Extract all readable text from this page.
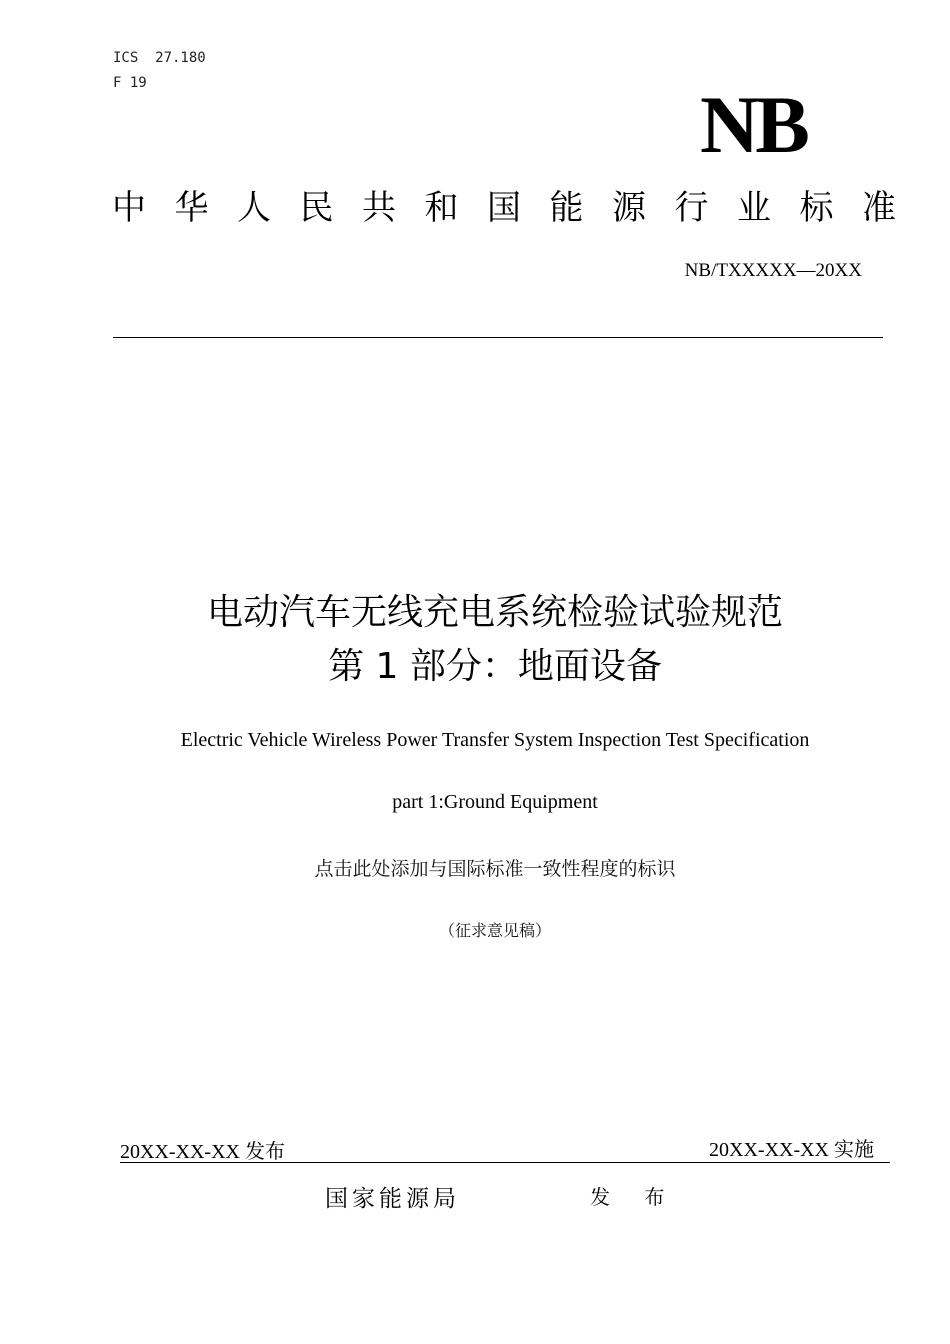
ICS  27.180
F 19	NB
中华人民共和国能源行业标准
NB/TXXXXX—20XX
电动汽车无线充电系统检验试验规范
第 1 部分：地面设备
Electric Vehicle Wireless Power Transfer System Inspection Test Specification
part 1:Ground Equipment
点击此处添加与国际标准一致性程度的标识
（征求意见稿）
20XX-XX-XX 发布	20XX-XX-XX 实施
国家能源局	发 布
